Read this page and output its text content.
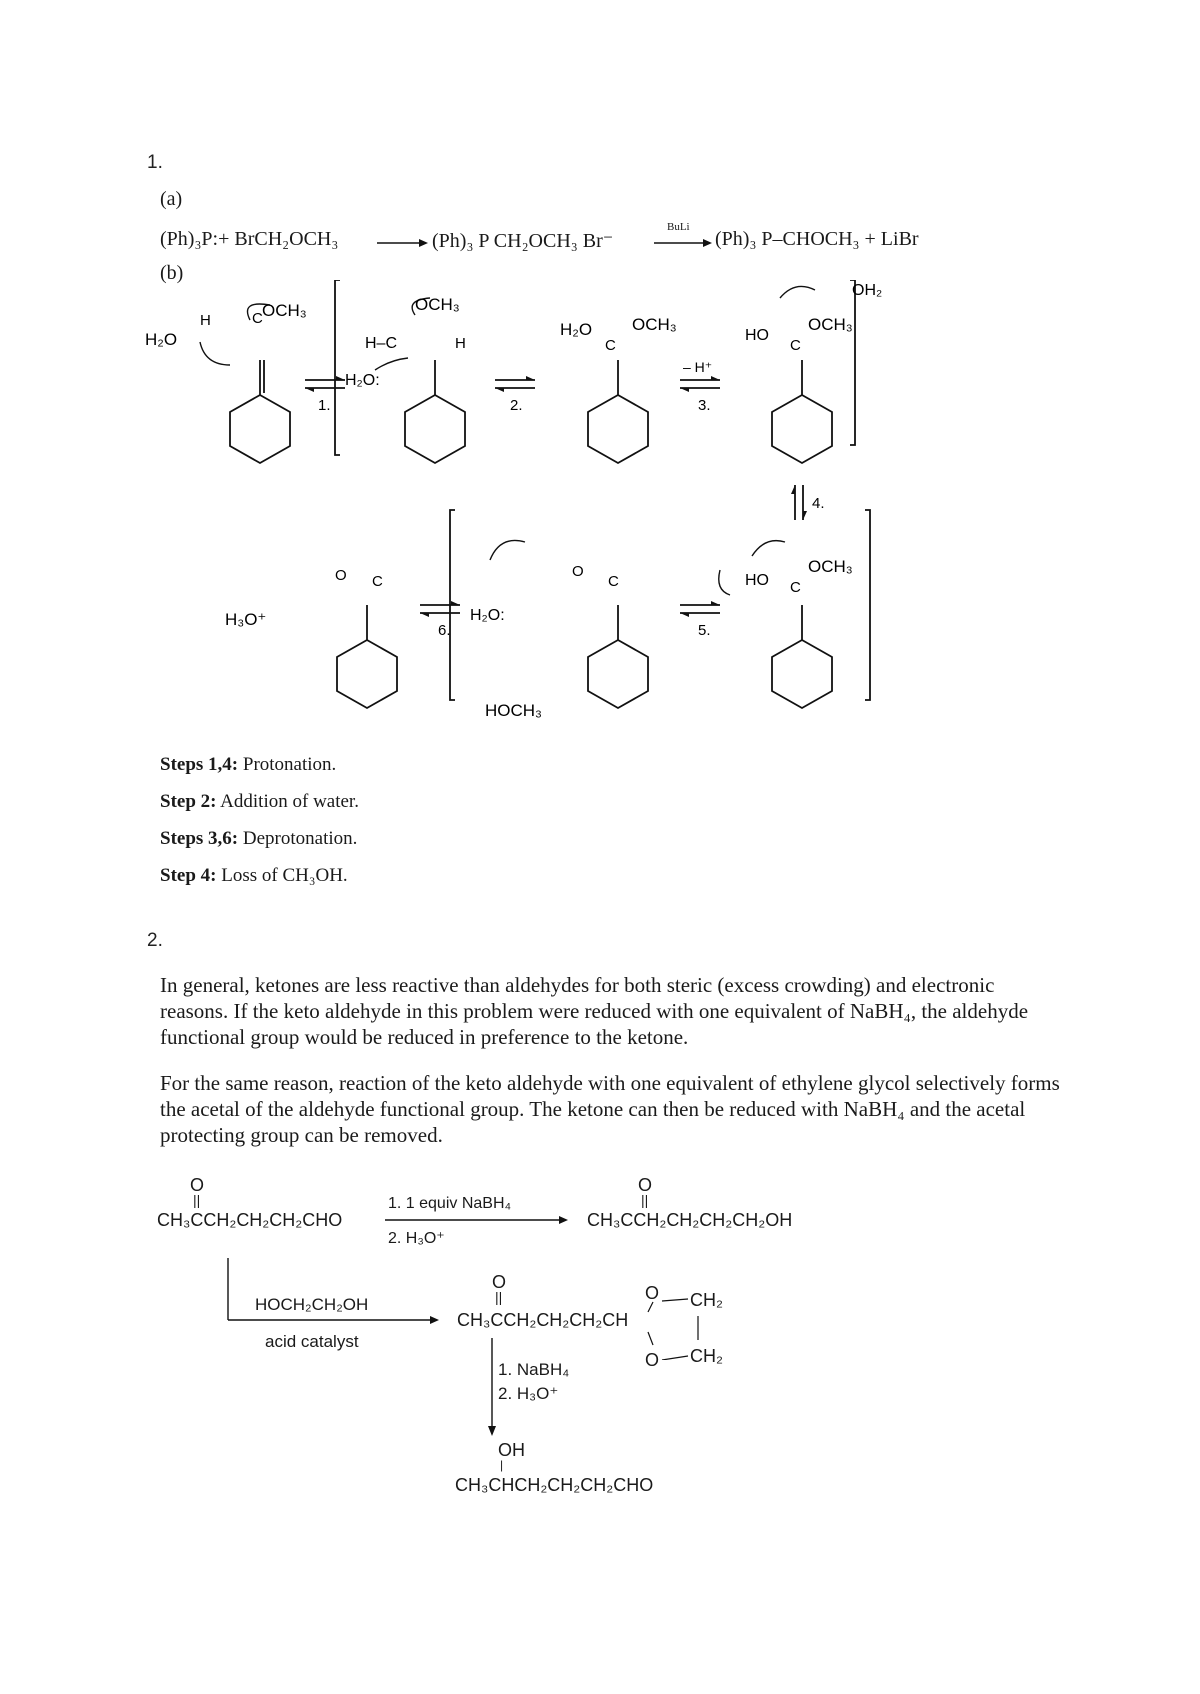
1.
(a)
(Ph)₃P:+ BrCH₂OCH₃ → (Ph)₃ P CH₂OCH₃ Br⁻
BuLi
→ (Ph)₃ P–CHOCH₃ + LiBr
(b)
1.	2.	3.
4.
5.
6.
H₂O
H	C OCH₃	OCH₃
H–C	H
H₂O:
H₂O
C
OCH₃
– H⁺
HO
C
OCH₃
OH₂
HO C
OCH₃
O
C
H₂O:
HOCH₃
H₃O⁺
O C
Steps 1,4: Protonation.
Step 2: Addition of water.
Steps 3,6: Deprotonation.
Step 4: Loss of CH₃OH.
2.
In general, ketones are less reactive than aldehydes for both steric (excess crowding) and electronic reasons. If the keto aldehyde in this problem were reduced with one equivalent of NaBH₄, the aldehyde functional group would be reduced in preference to the ketone.
For the same reason, reaction of the keto aldehyde with one equivalent of ethylene glycol selectively forms the acetal of the aldehyde functional group. The ketone can then be reduced with NaBH₄ and the acetal protecting group can be removed.
O
||
CH₃CCH₂CH₂CH₂CHO
1. 1 equiv NaBH₄
2. H₃O⁺
O
||
CH₃CCH₂CH₂CH₂CH₂OH
HOCH₂CH₂OH
acid catalyst
O
||
CH₃CCH₂CH₂CH₂CH
O CH₂
O CH₂
1. NaBH₄
2. H₃O⁺
OH
|
CH₃CHCH₂CH₂CH₂CHO
